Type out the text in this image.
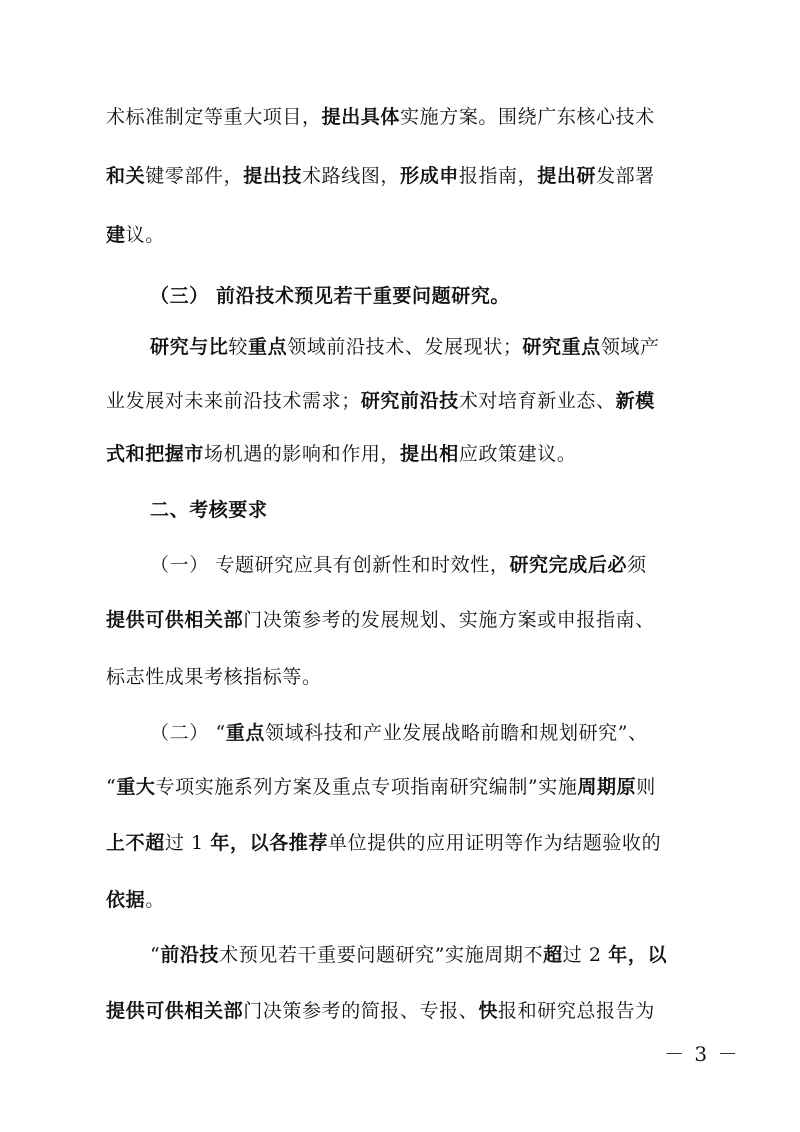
术标准制定等重大项目，提出具体实施方案。围绕广东核心技术
和关键零部件，提出技术路线图，形成申报指南，提出研发部署
建议。
（三） 前沿技术预见若干重要问题研究。
研究与比较重点领域前沿技术、发展现状；研究重点领域产
业发展对未来前沿技术需求；研究前沿技术对培育新业态、新模
式和把握市场机遇的影响和作用，提出相应政策建议。
二、考核要求
（一） 专题研究应具有创新性和时效性，研究完成后必须
提供可供相关部门决策参考的发展规划、实施方案或申报指南、
标志性成果考核指标等。
（二） “重点领域科技和产业发展战略前瞻和规划研究”、
“重大专项实施系列方案及重点专项指南研究编制”实施周期原则
上不超过 1 年，以各推荐单位提供的应用证明等作为结题验收的
依据。
“前沿技术预见若干重要问题研究”实施周期不超过 2 年，以
提供可供相关部门决策参考的简报、专报、快报和研究总报告为
－ 3 －
